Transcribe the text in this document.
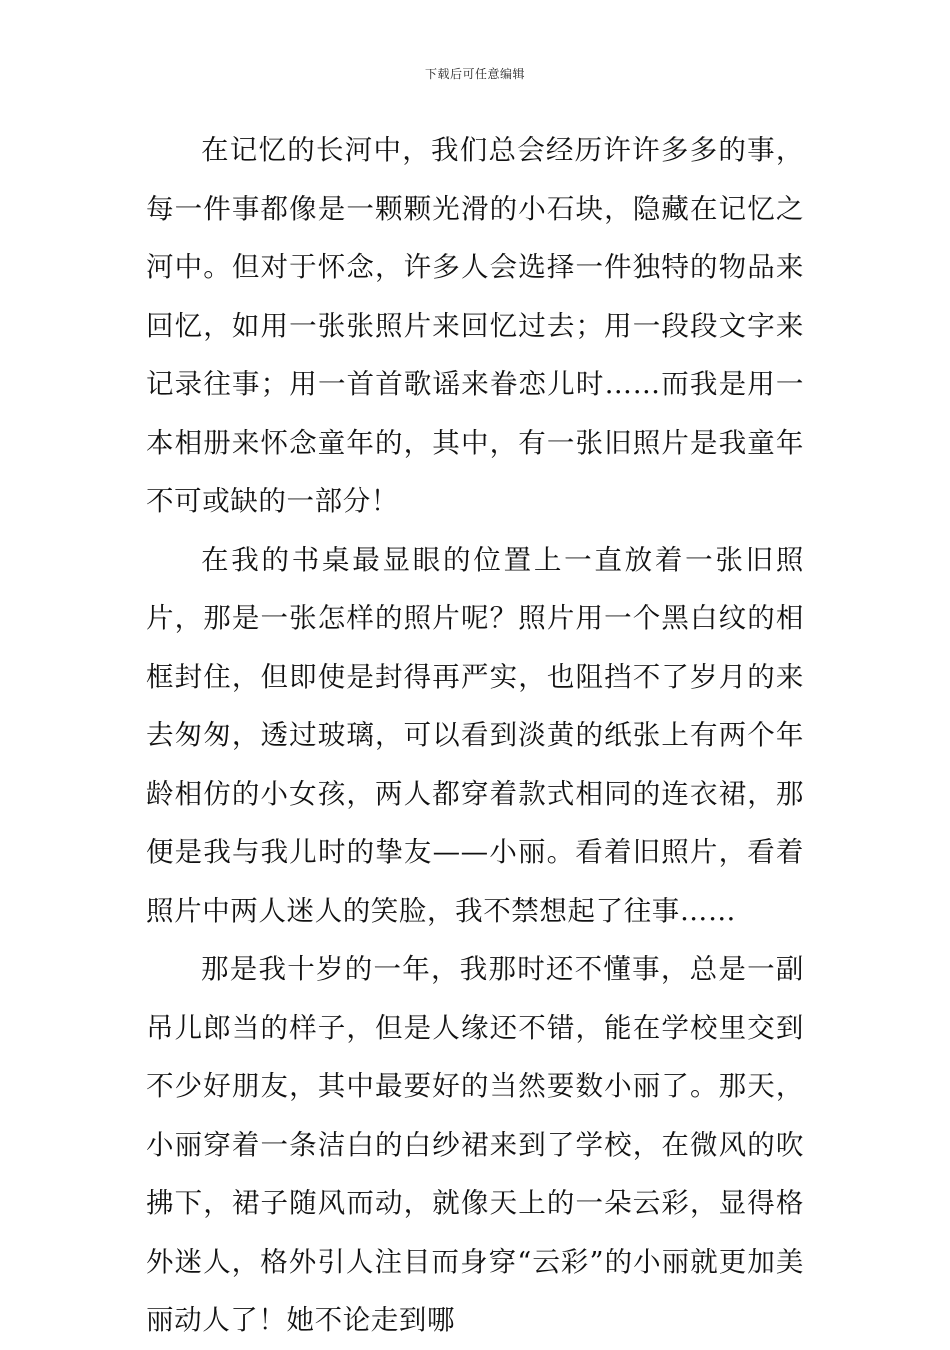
下载后可任意编辑

在记忆的长河中，我们总会经历许许多多的事，每一件事都像是一颗颗光滑的小石块，隐藏在记忆之河中。但对于怀念，许多人会选择一件独特的物品来回忆，如用一张张照片来回忆过去；用一段段文字来记录往事；用一首首歌谣来眷恋儿时……而我是用一本相册来怀念童年的，其中，有一张旧照片是我童年不可或缺的一部分！

在我的书桌最显眼的位置上一直放着一张旧照片，那是一张怎样的照片呢？照片用一个黑白纹的相框封住，但即使是封得再严实，也阻挡不了岁月的来去匆匆，透过玻璃，可以看到淡黄的纸张上有两个年龄相仿的小女孩，两人都穿着款式相同的连衣裙，那便是我与我儿时的挚友——小丽。看着旧照片，看着照片中两人迷人的笑脸，我不禁想起了往事……

那是我十岁的一年，我那时还不懂事，总是一副吊儿郎当的样子，但是人缘还不错，能在学校里交到不少好朋友，其中最要好的当然要数小丽了。那天，小丽穿着一条洁白的白纱裙来到了学校，在微风的吹拂下，裙子随风而动，就像天上的一朵云彩，显得格外迷人，格外引人注目而身穿“云彩”的小丽就更加美丽动人了！她不论走到哪
